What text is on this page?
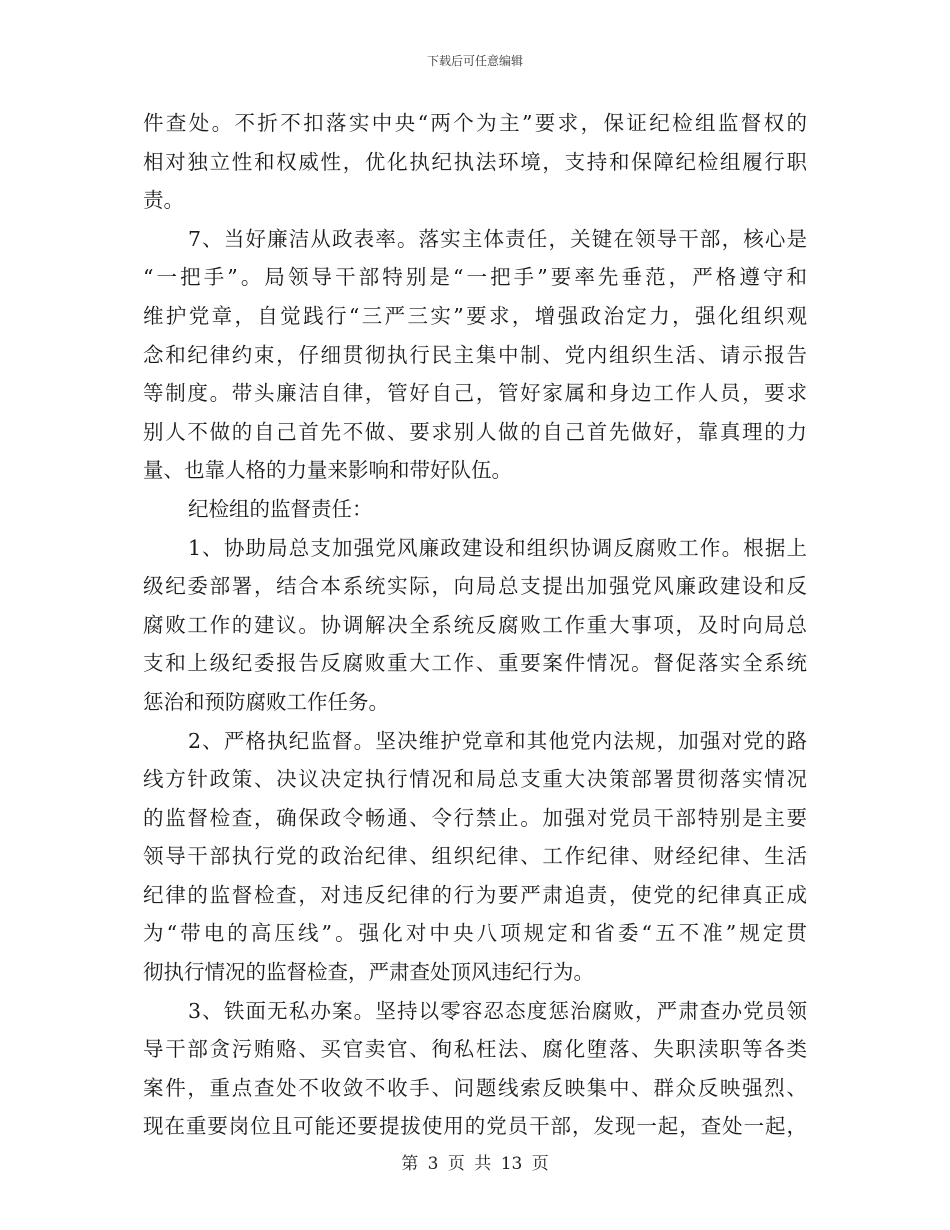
下载后可任意编辑
件查处。不折不扣落实中央“两个为主”要求，保证纪检组监督权的
相对独立性和权威性，优化执纪执法环境，支持和保障纪检组履行职
责。
7、当好廉洁从政表率。落实主体责任，关键在领导干部，核心是
“一把手”。局领导干部特别是“一把手”要率先垂范，严格遵守和
维护党章，自觉践行“三严三实”要求，增强政治定力，强化组织观
念和纪律约束，仔细贯彻执行民主集中制、党内组织生活、请示报告
等制度。带头廉洁自律，管好自己，管好家属和身边工作人员，要求
别人不做的自己首先不做、要求别人做的自己首先做好，靠真理的力
量、也靠人格的力量来影响和带好队伍。
纪检组的监督责任：
1、协助局总支加强党风廉政建设和组织协调反腐败工作。根据上
级纪委部署，结合本系统实际，向局总支提出加强党风廉政建设和反
腐败工作的建议。协调解决全系统反腐败工作重大事项，及时向局总
支和上级纪委报告反腐败重大工作、重要案件情况。督促落实全系统
惩治和预防腐败工作任务。
2、严格执纪监督。坚决维护党章和其他党内法规，加强对党的路
线方针政策、决议决定执行情况和局总支重大决策部署贯彻落实情况
的监督检查，确保政令畅通、令行禁止。加强对党员干部特别是主要
领导干部执行党的政治纪律、组织纪律、工作纪律、财经纪律、生活
纪律的监督检查，对违反纪律的行为要严肃追责，使党的纪律真正成
为“带电的高压线”。强化对中央八项规定和省委“五不准”规定贯
彻执行情况的监督检查，严肃查处顶风违纪行为。
3、铁面无私办案。坚持以零容忍态度惩治腐败，严肃查办党员领
导干部贪污贿赂、买官卖官、徇私枉法、腐化堕落、失职渎职等各类
案件，重点查处不收敛不收手、问题线索反映集中、群众反映强烈、
现在重要岗位且可能还要提拔使用的党员干部，发现一起，查处一起，
第 3 页 共 13 页
